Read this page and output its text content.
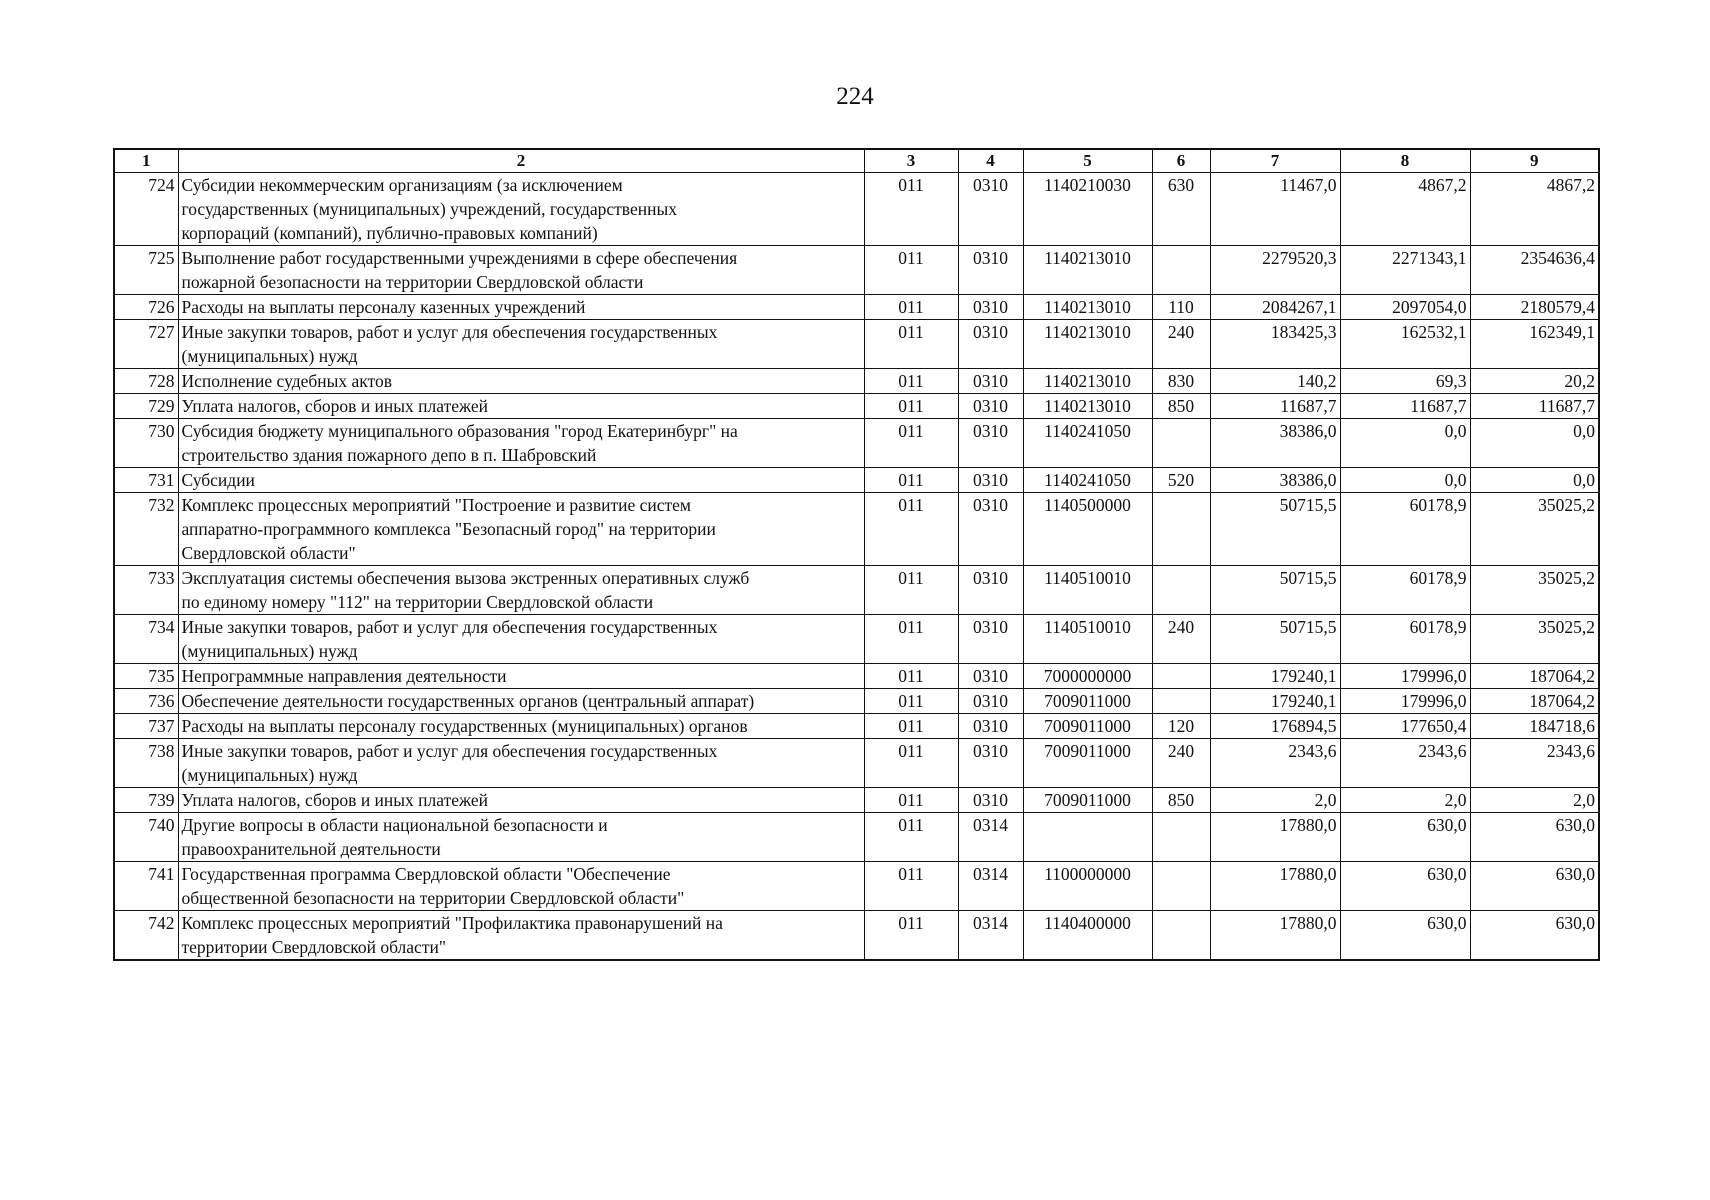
224
1	2	3	4	5	6	7	8	9
724	Субсидии некоммерческим организациям (за исключением
государственных (муниципальных) учреждений, государственных
корпораций (компаний), публично-правовых компаний)	011	0310	1140210030	630	11467,0	4867,2	4867,2
725	Выполнение работ государственными учреждениями в сфере обеспечения
пожарной безопасности на территории Свердловской области	011	0310	1140213010		2279520,3	2271343,1	2354636,4
726	Расходы на выплаты персоналу казенных учреждений	011	0310	1140213010	110	2084267,1	2097054,0	2180579,4
727	Иные закупки товаров, работ и услуг для обеспечения государственных
(муниципальных) нужд	011	0310	1140213010	240	183425,3	162532,1	162349,1
728	Исполнение судебных актов	011	0310	1140213010	830	140,2	69,3	20,2
729	Уплата налогов, сборов и иных платежей	011	0310	1140213010	850	11687,7	11687,7	11687,7
730	Субсидия бюджету муниципального образования "город Екатеринбург" на
строительство здания пожарного депо в п. Шабровский	011	0310	1140241050		38386,0	0,0	0,0
731	Субсидии	011	0310	1140241050	520	38386,0	0,0	0,0
732	Комплекс процессных мероприятий "Построение и развитие систем
аппаратно-программного комплекса "Безопасный город" на территории
Свердловской области"	011	0310	1140500000		50715,5	60178,9	35025,2
733	Эксплуатация системы обеспечения вызова экстренных оперативных служб
по единому номеру "112" на территории Свердловской области	011	0310	1140510010		50715,5	60178,9	35025,2
734	Иные закупки товаров, работ и услуг для обеспечения государственных
(муниципальных) нужд	011	0310	1140510010	240	50715,5	60178,9	35025,2
735	Непрограммные направления деятельности	011	0310	7000000000		179240,1	179996,0	187064,2
736	Обеспечение деятельности государственных органов (центральный аппарат)	011	0310	7009011000		179240,1	179996,0	187064,2
737	Расходы на выплаты персоналу государственных (муниципальных) органов	011	0310	7009011000	120	176894,5	177650,4	184718,6
738	Иные закупки товаров, работ и услуг для обеспечения государственных
(муниципальных) нужд	011	0310	7009011000	240	2343,6	2343,6	2343,6
739	Уплата налогов, сборов и иных платежей	011	0310	7009011000	850	2,0	2,0	2,0
740	Другие вопросы в области национальной безопасности и
правоохранительной деятельности	011	0314			17880,0	630,0	630,0
741	Государственная программа Свердловской области "Обеспечение
общественной безопасности на территории Свердловской области"	011	0314	1100000000		17880,0	630,0	630,0
742	Комплекс процессных мероприятий "Профилактика правонарушений на
территории Свердловской области"	011	0314	1140400000		17880,0	630,0	630,0
